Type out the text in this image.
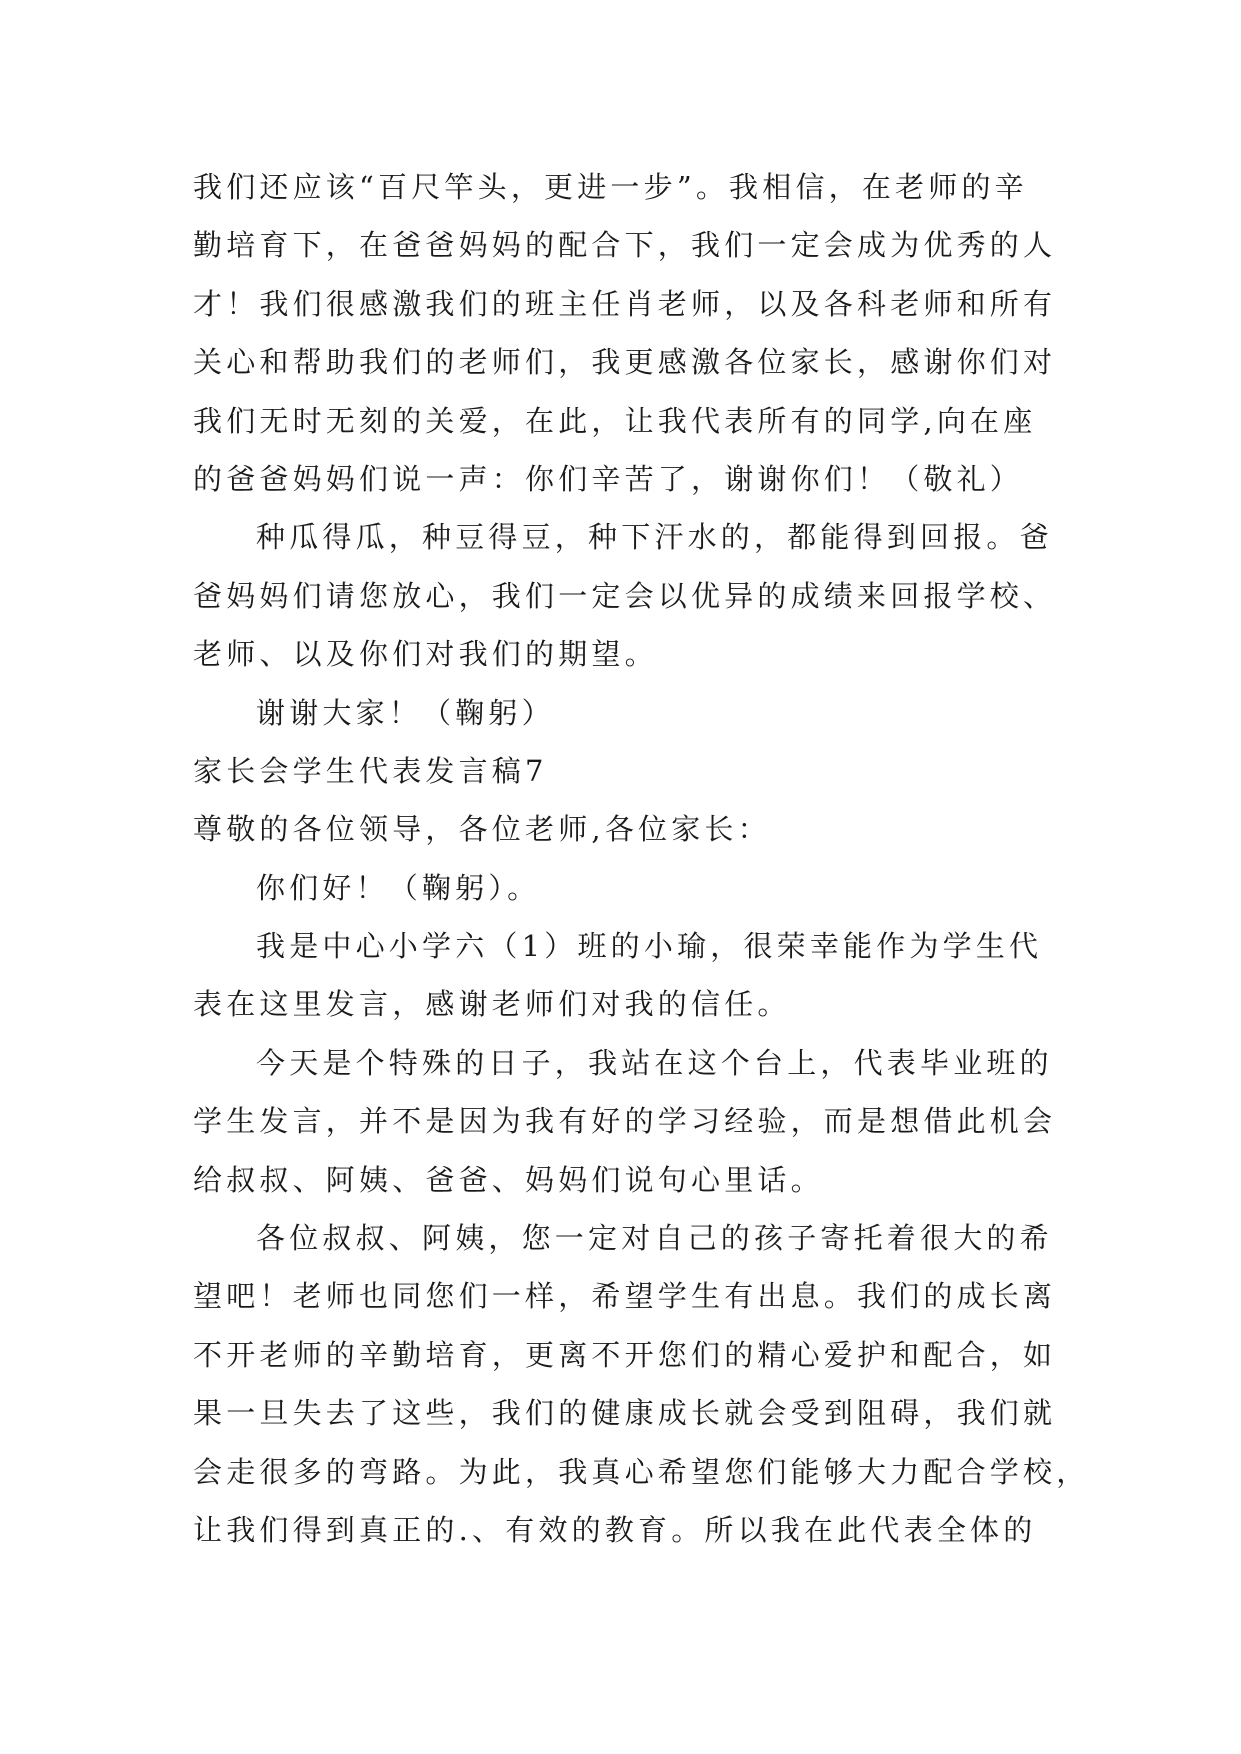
我们还应该“百尺竿头，更进一步”。我相信，在老师的辛
勤培育下，在爸爸妈妈的配合下，我们一定会成为优秀的人
才！我们很感激我们的班主任肖老师，以及各科老师和所有
关心和帮助我们的老师们，我更感激各位家长，感谢你们对
我们无时无刻的关爱，在此，让我代表所有的同学,向在座
的爸爸妈妈们说一声：你们辛苦了，谢谢你们！（敬礼）
种瓜得瓜，种豆得豆，种下汗水的，都能得到回报。爸
爸妈妈们请您放心，我们一定会以优异的成绩来回报学校、
老师、以及你们对我们的期望。
谢谢大家！（鞠躬）
家长会学生代表发言稿7
尊敬的各位领导，各位老师,各位家长：
你们好！（鞠躬）。
我是中心小学六（1）班的小瑜，很荣幸能作为学生代
表在这里发言，感谢老师们对我的信任。
今天是个特殊的日子，我站在这个台上，代表毕业班的
学生发言，并不是因为我有好的学习经验，而是想借此机会
给叔叔、阿姨、爸爸、妈妈们说句心里话。
各位叔叔、阿姨，您一定对自己的孩子寄托着很大的希
望吧！老师也同您们一样，希望学生有出息。我们的成长离
不开老师的辛勤培育，更离不开您们的精心爱护和配合，如
果一旦失去了这些，我们的健康成长就会受到阻碍，我们就
会走很多的弯路。为此，我真心希望您们能够大力配合学校，
让我们得到真正的.、有效的教育。所以我在此代表全体的
